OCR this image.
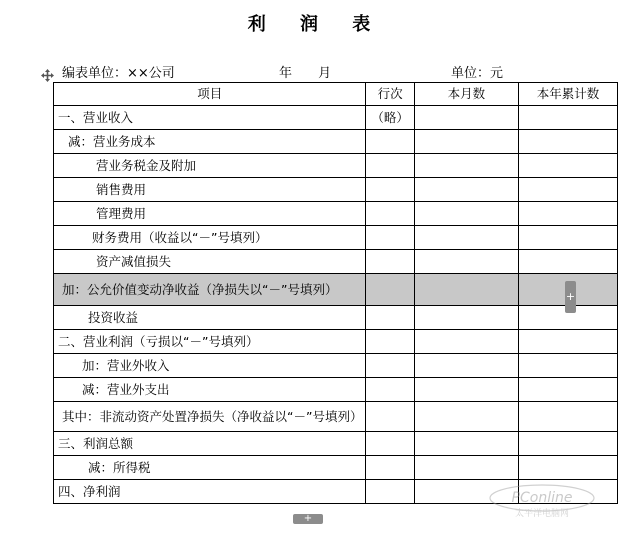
利 润 表
编表单位：××公司	年 月	单位：元
项目	行次	本月数	本年累计数
一、营业收入	（略）		
减：营业务成本			
营业务税金及附加			
销售费用			
管理费用			
财务费用（收益以“－”号填列）			
资产减值损失			
加：公允价值变动净收益（净损失以“－”号填列）			
投资收益			
二、营业利润（亏损以“－”号填列）			
加：营业外收入			
减：营业外支出			
其中：非流动资产处置净损失（净收益以“－”号填列）			
三、利润总额			
减：所得税			
四、净利润			
+
+
PConline
太平洋电脑网
